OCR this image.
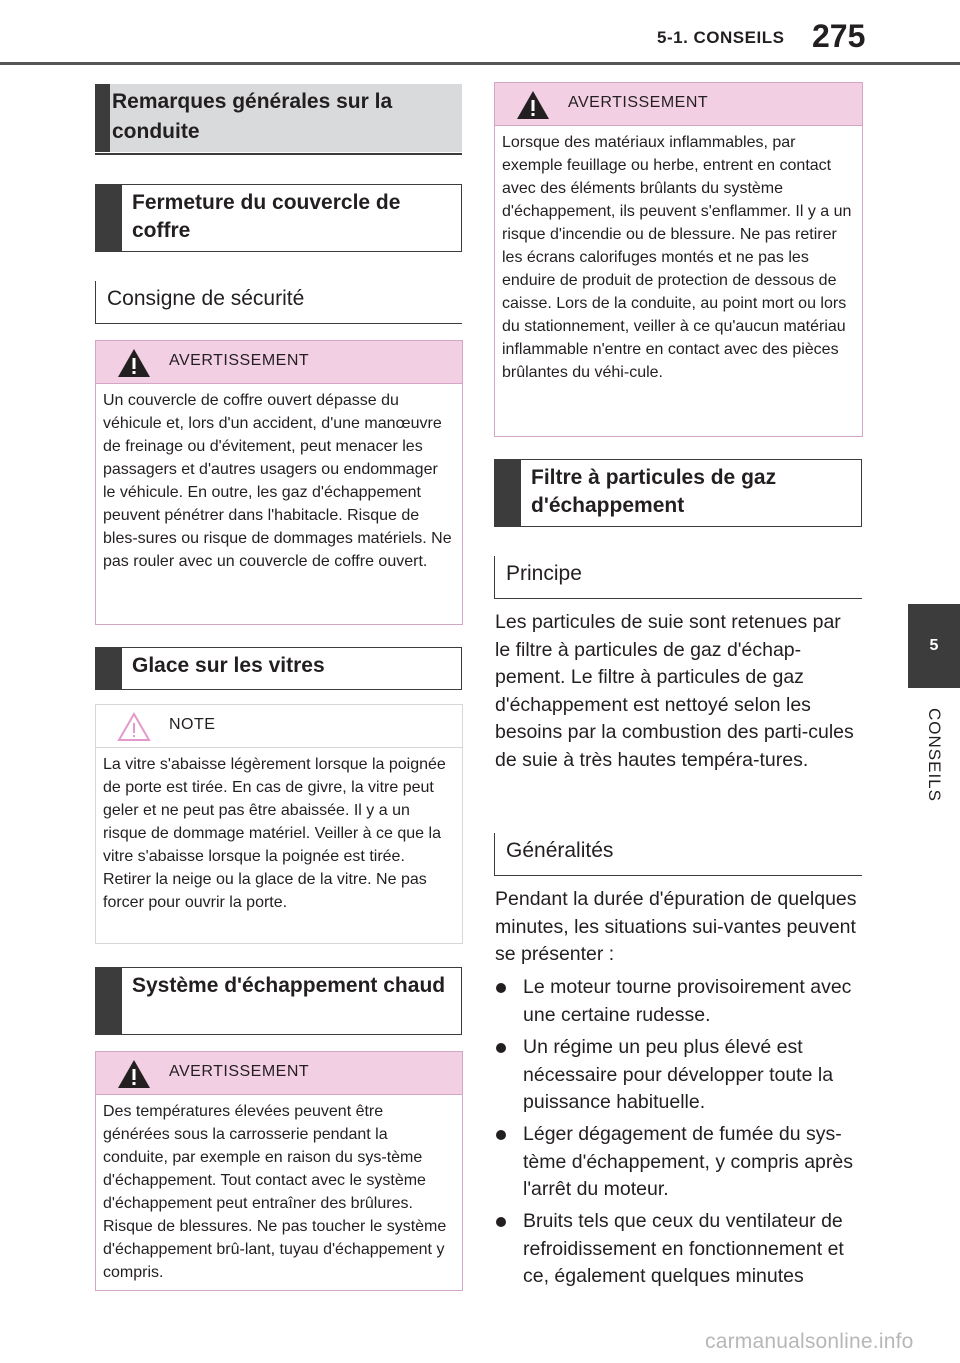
5-1. CONSEILS 275
5
CONSEILS
Remarques générales sur la conduite
Fermeture du couvercle de coffre
Consigne de sécurité
AVERTISSEMENT
Un couvercle de coffre ouvert dépasse du véhicule et, lors d'un accident, d'une manœuvre de freinage ou d'évitement, peut menacer les passagers et d'autres usagers ou endommager le véhicule. En outre, les gaz d'échappement peuvent pénétrer dans l'habitacle. Risque de bles-sures ou risque de dommages matériels. Ne pas rouler avec un couvercle de coffre ouvert.
Glace sur les vitres
NOTE
La vitre s'abaisse légèrement lorsque la poignée de porte est tirée. En cas de givre, la vitre peut geler et ne peut pas être abaissée. Il y a un risque de dommage matériel. Veiller à ce que la vitre s'abaisse lorsque la poignée est tirée. Retirer la neige ou la glace de la vitre. Ne pas forcer pour ouvrir la porte.
Système d'échappement chaud
AVERTISSEMENT
Des températures élevées peuvent être générées sous la carrosserie pendant la conduite, par exemple en raison du sys-tème d'échappement. Tout contact avec le système d'échappement peut entraîner des brûlures. Risque de blessures. Ne pas toucher le système d'échappement brû-lant, tuyau d'échappement y compris.
AVERTISSEMENT
Lorsque des matériaux inflammables, par exemple feuillage ou herbe, entrent en contact avec des éléments brûlants du système d'échappement, ils peuvent s'enflammer. Il y a un risque d'incendie ou de blessure. Ne pas retirer les écrans calorifuges montés et ne pas les enduire de produit de protection de dessous de caisse. Lors de la conduite, au point mort ou lors du stationnement, veiller à ce qu'aucun matériau inflammable n'entre en contact avec des pièces brûlantes du véhi-cule.
Filtre à particules de gaz d'échappement
Principe
Les particules de suie sont retenues par le filtre à particules de gaz d'échap-pement. Le filtre à particules de gaz d'échappement est nettoyé selon les besoins par la combustion des parti-cules de suie à très hautes tempéra-tures.
Généralités
Pendant la durée d'épuration de quelques minutes, les situations sui-vantes peuvent se présenter :
Le moteur tourne provisoirement avec une certaine rudesse.
Un régime un peu plus élevé est nécessaire pour développer toute la puissance habituelle.
Léger dégagement de fumée du sys-tème d'échappement, y compris après l'arrêt du moteur.
Bruits tels que ceux du ventilateur de refroidissement en fonctionnement et ce, également quelques minutes
carmanualsonline.info
